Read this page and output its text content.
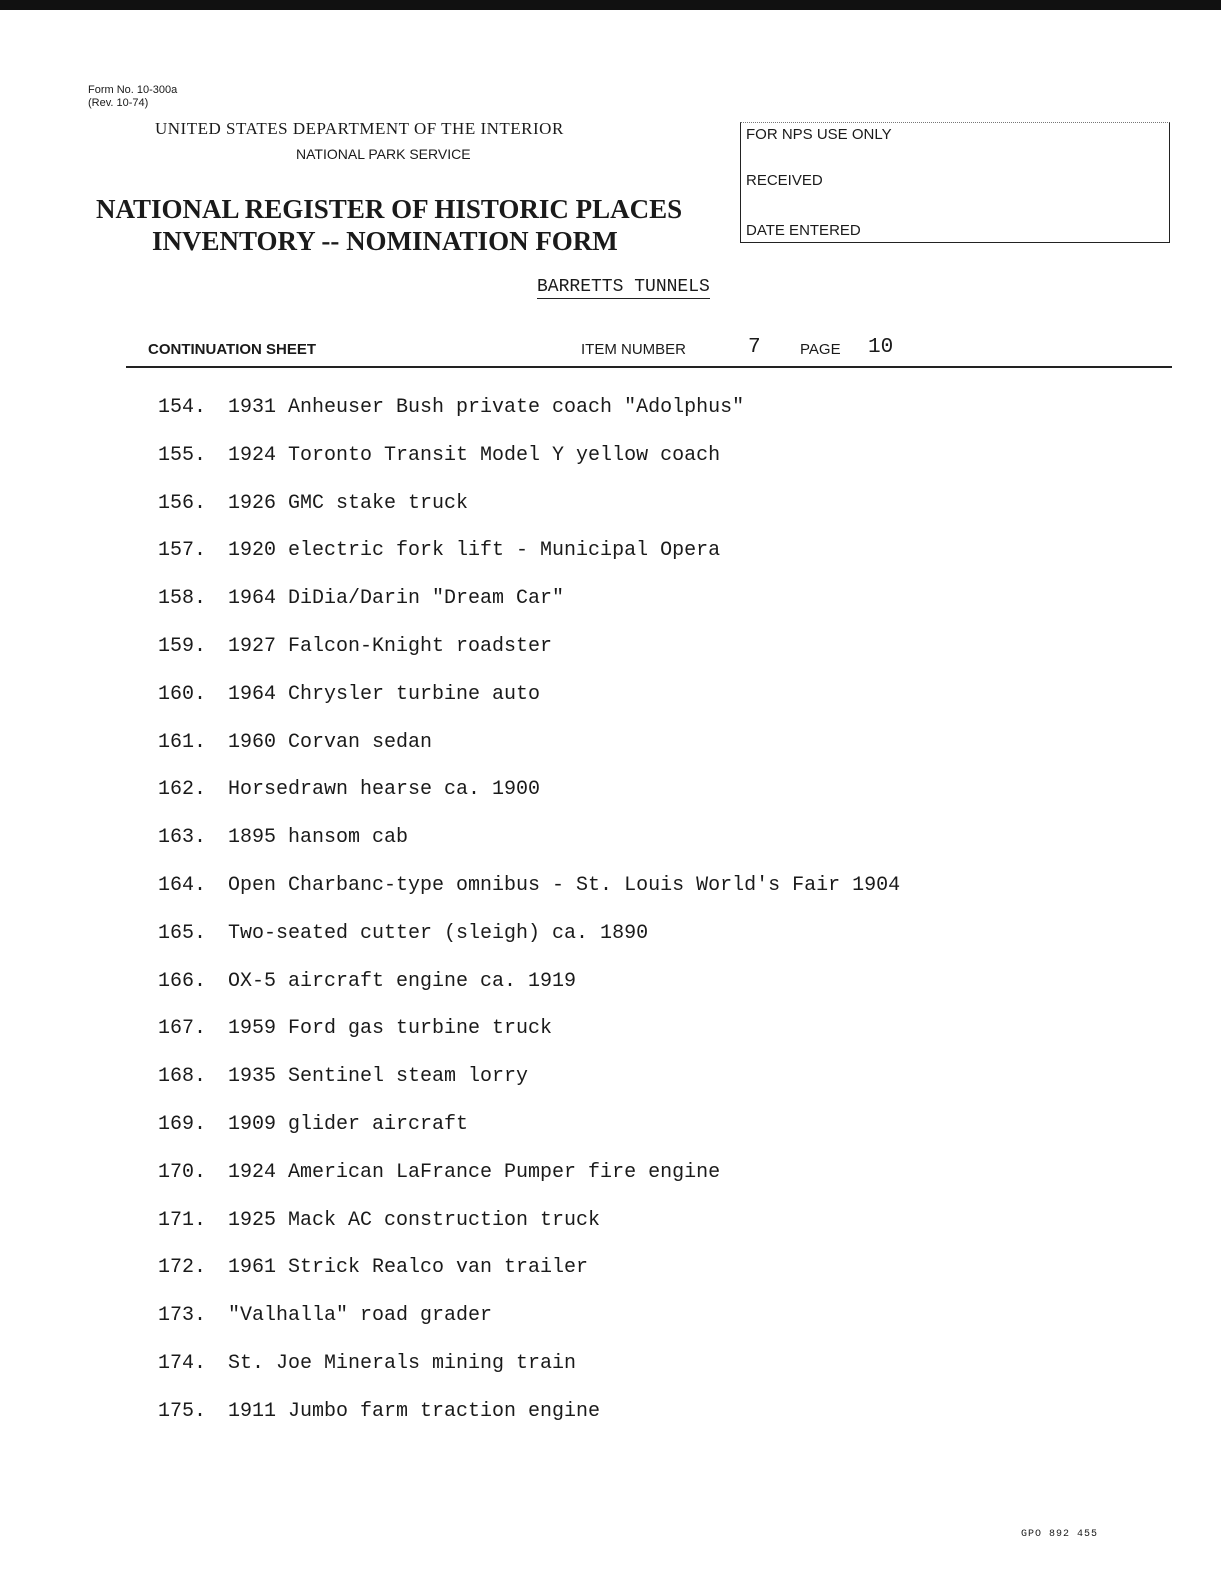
Form No. 10-300a
(Rev. 10-74)
UNITED STATES DEPARTMENT OF THE INTERIOR
NATIONAL PARK SERVICE
NATIONAL REGISTER OF HISTORIC PLACES
INVENTORY -- NOMINATION FORM
FOR NPS USE ONLY
RECEIVED
DATE ENTERED
BARRETTS TUNNELS
CONTINUATION SHEET	ITEM NUMBER	7	PAGE 10
154. 1931 Anheuser Bush private coach "Adolphus"
155. 1924 Toronto Transit Model Y yellow coach
156. 1926 GMC stake truck
157. 1920 electric fork lift - Municipal Opera
158. 1964 DiDia/Darin "Dream Car"
159. 1927 Falcon-Knight roadster
160. 1964 Chrysler turbine auto
161. 1960 Corvan sedan
162. Horsedrawn hearse ca. 1900
163. 1895 hansom cab
164. Open Charbanc-type omnibus - St. Louis World's Fair 1904
165. Two-seated cutter (sleigh) ca. 1890
166. OX-5 aircraft engine ca. 1919
167. 1959 Ford gas turbine truck
168. 1935 Sentinel steam lorry
169. 1909 glider aircraft
170. 1924 American LaFrance Pumper fire engine
171. 1925 Mack AC construction truck
172. 1961 Strick Realco van trailer
173. "Valhalla" road grader
174. St. Joe Minerals mining train
175. 1911 Jumbo farm traction engine
GPO 892 455
